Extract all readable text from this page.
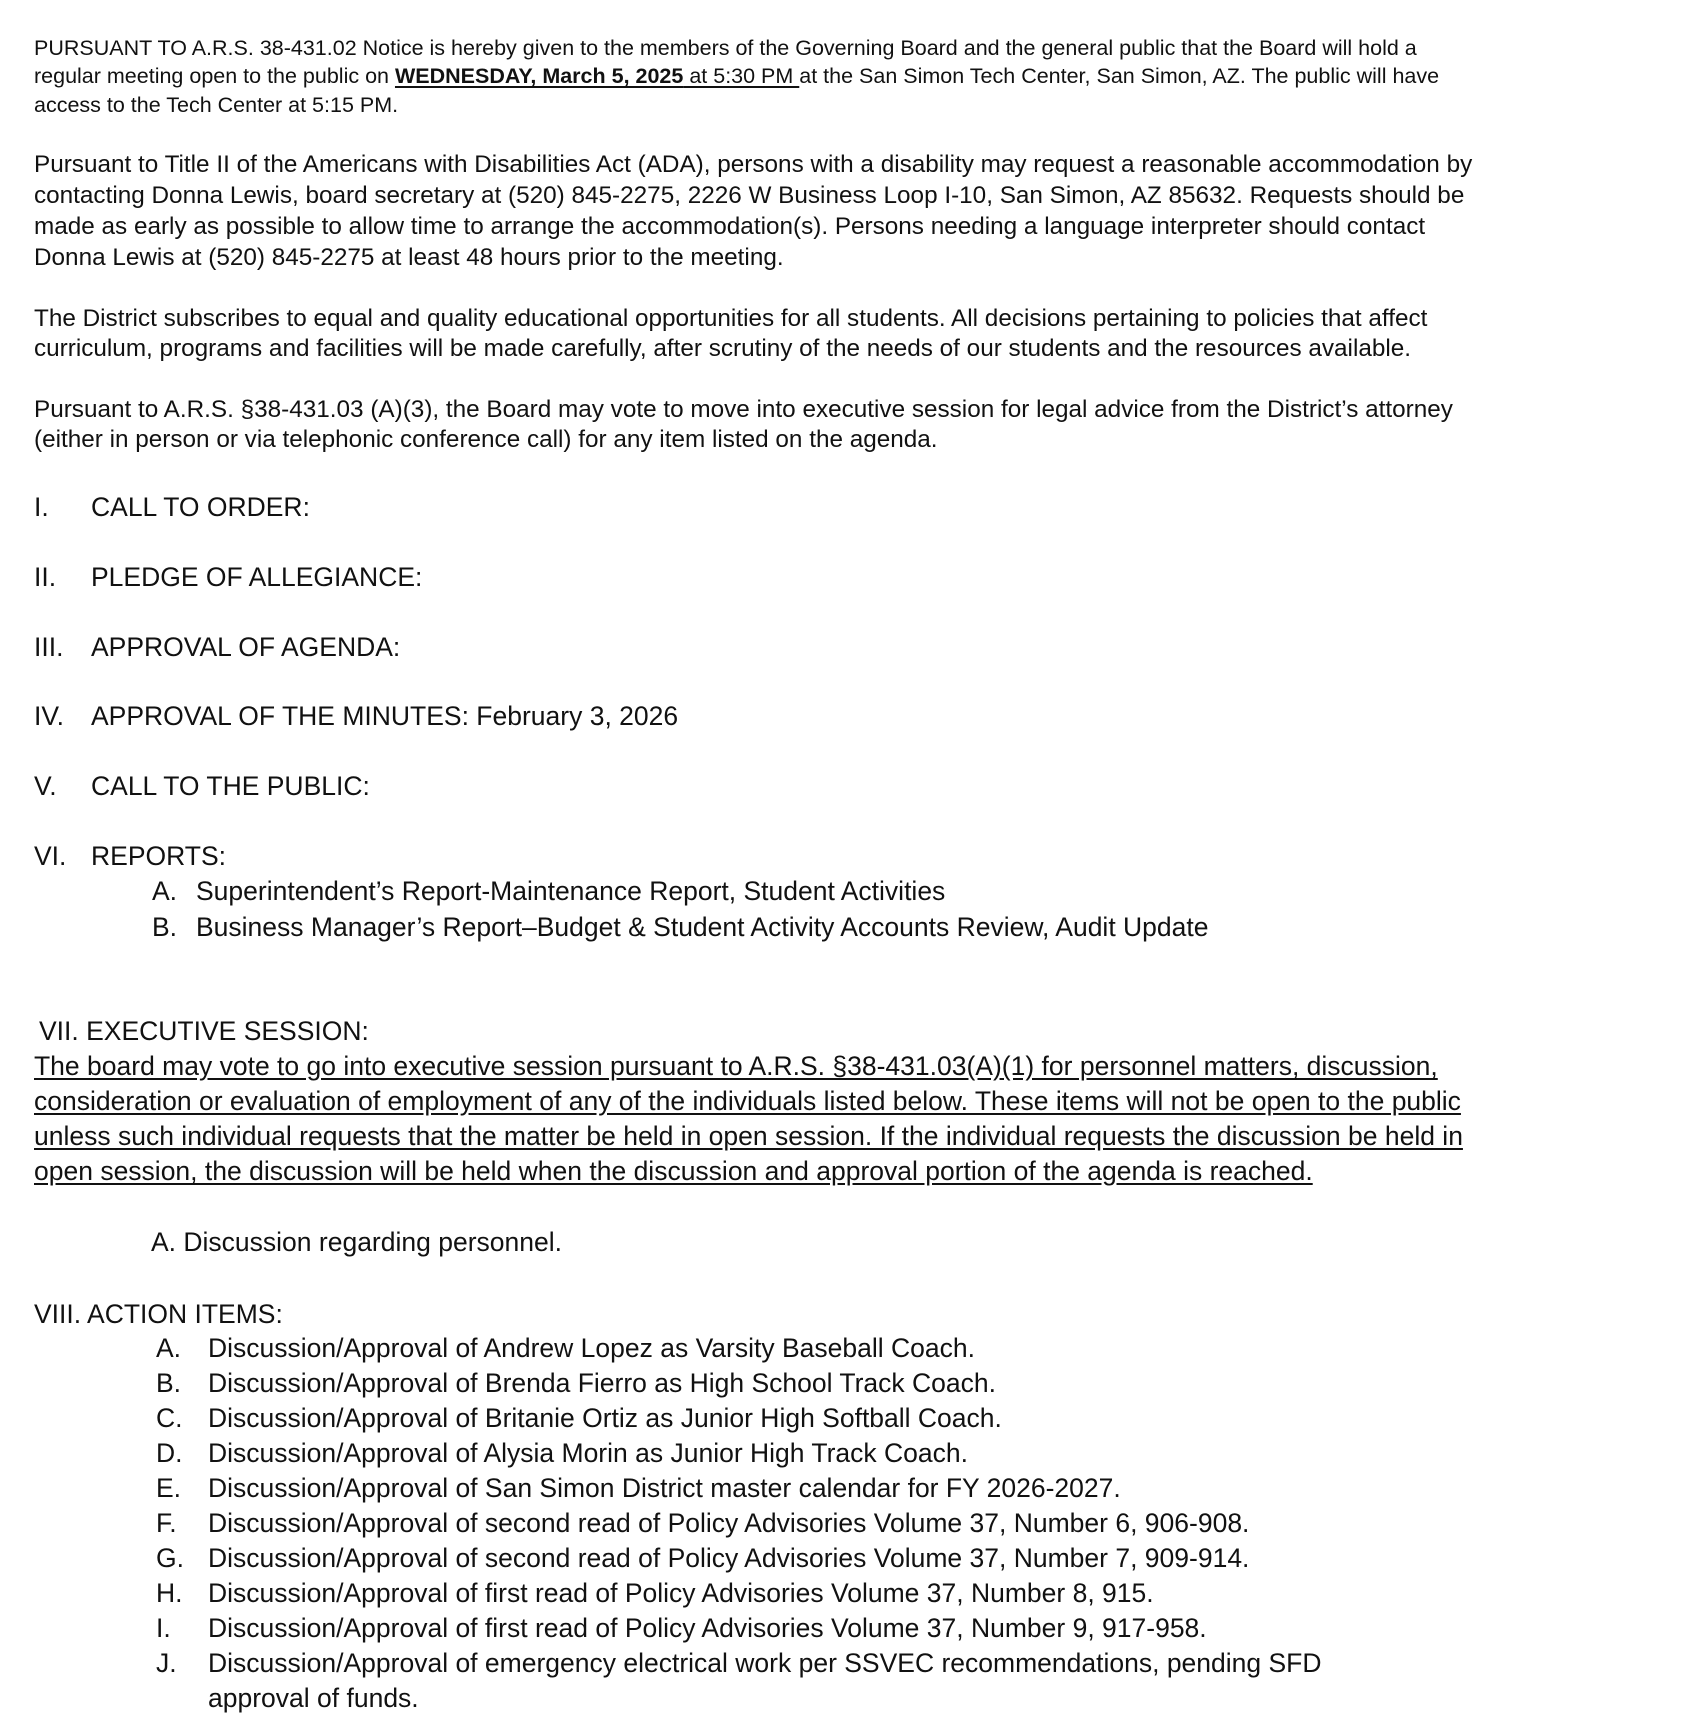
PURSUANT TO A.R.S. 38-431.02 Notice is hereby given to the members of the Governing Board and the general public that the Board will hold a
regular meeting open to the public on WEDNESDAY, March 5, 2025 at 5:30 PM at the San Simon Tech Center, San Simon, AZ. The public will have
access to the Tech Center at 5:15 PM.
Pursuant to Title II of the Americans with Disabilities Act (ADA), persons with a disability may request a reasonable accommodation by
contacting Donna Lewis, board secretary at (520) 845-2275, 2226 W Business Loop I-10, San Simon, AZ 85632. Requests should be
made as early as possible to allow time to arrange the accommodation(s). Persons needing a language interpreter should contact
Donna Lewis at (520) 845-2275 at least 48 hours prior to the meeting.
The District subscribes to equal and quality educational opportunities for all students. All decisions pertaining to policies that affect
curriculum, programs and facilities will be made carefully, after scrutiny of the needs of our students and the resources available.
Pursuant to A.R.S. §38-431.03 (A)(3), the Board may vote to move into executive session for legal advice from the District’s attorney
(either in person or via telephonic conference call) for any item listed on the agenda.
I. CALL TO ORDER:
II. PLEDGE OF ALLEGIANCE:
III. APPROVAL OF AGENDA:
IV. APPROVAL OF THE MINUTES: February 3, 2026
V. CALL TO THE PUBLIC:
VI. REPORTS:
A. Superintendent’s Report-Maintenance Report, Student Activities
B. Business Manager’s Report–Budget & Student Activity Accounts Review, Audit Update
VII. EXECUTIVE SESSION:
The board may vote to go into executive session pursuant to A.R.S. §38-431.03(A)(1) for personnel matters, discussion,
consideration or evaluation of employment of any of the individuals listed below. These items will not be open to the public
unless such individual requests that the matter be held in open session. If the individual requests the discussion be held in
open session, the discussion will be held when the discussion and approval portion of the agenda is reached.
A. Discussion regarding personnel.
VIII. ACTION ITEMS:
A. Discussion/Approval of Andrew Lopez as Varsity Baseball Coach.
B. Discussion/Approval of Brenda Fierro as High School Track Coach.
C. Discussion/Approval of Britanie Ortiz as Junior High Softball Coach.
D. Discussion/Approval of Alysia Morin as Junior High Track Coach.
E. Discussion/Approval of San Simon District master calendar for FY 2026-2027.
F. Discussion/Approval of second read of Policy Advisories Volume 37, Number 6, 906-908.
G. Discussion/Approval of second read of Policy Advisories Volume 37, Number 7, 909-914.
H. Discussion/Approval of first read of Policy Advisories Volume 37, Number 8, 915.
I. Discussion/Approval of first read of Policy Advisories Volume 37, Number 9, 917-958.
J. Discussion/Approval of emergency electrical work per SSVEC recommendations, pending SFD
approval of funds.
